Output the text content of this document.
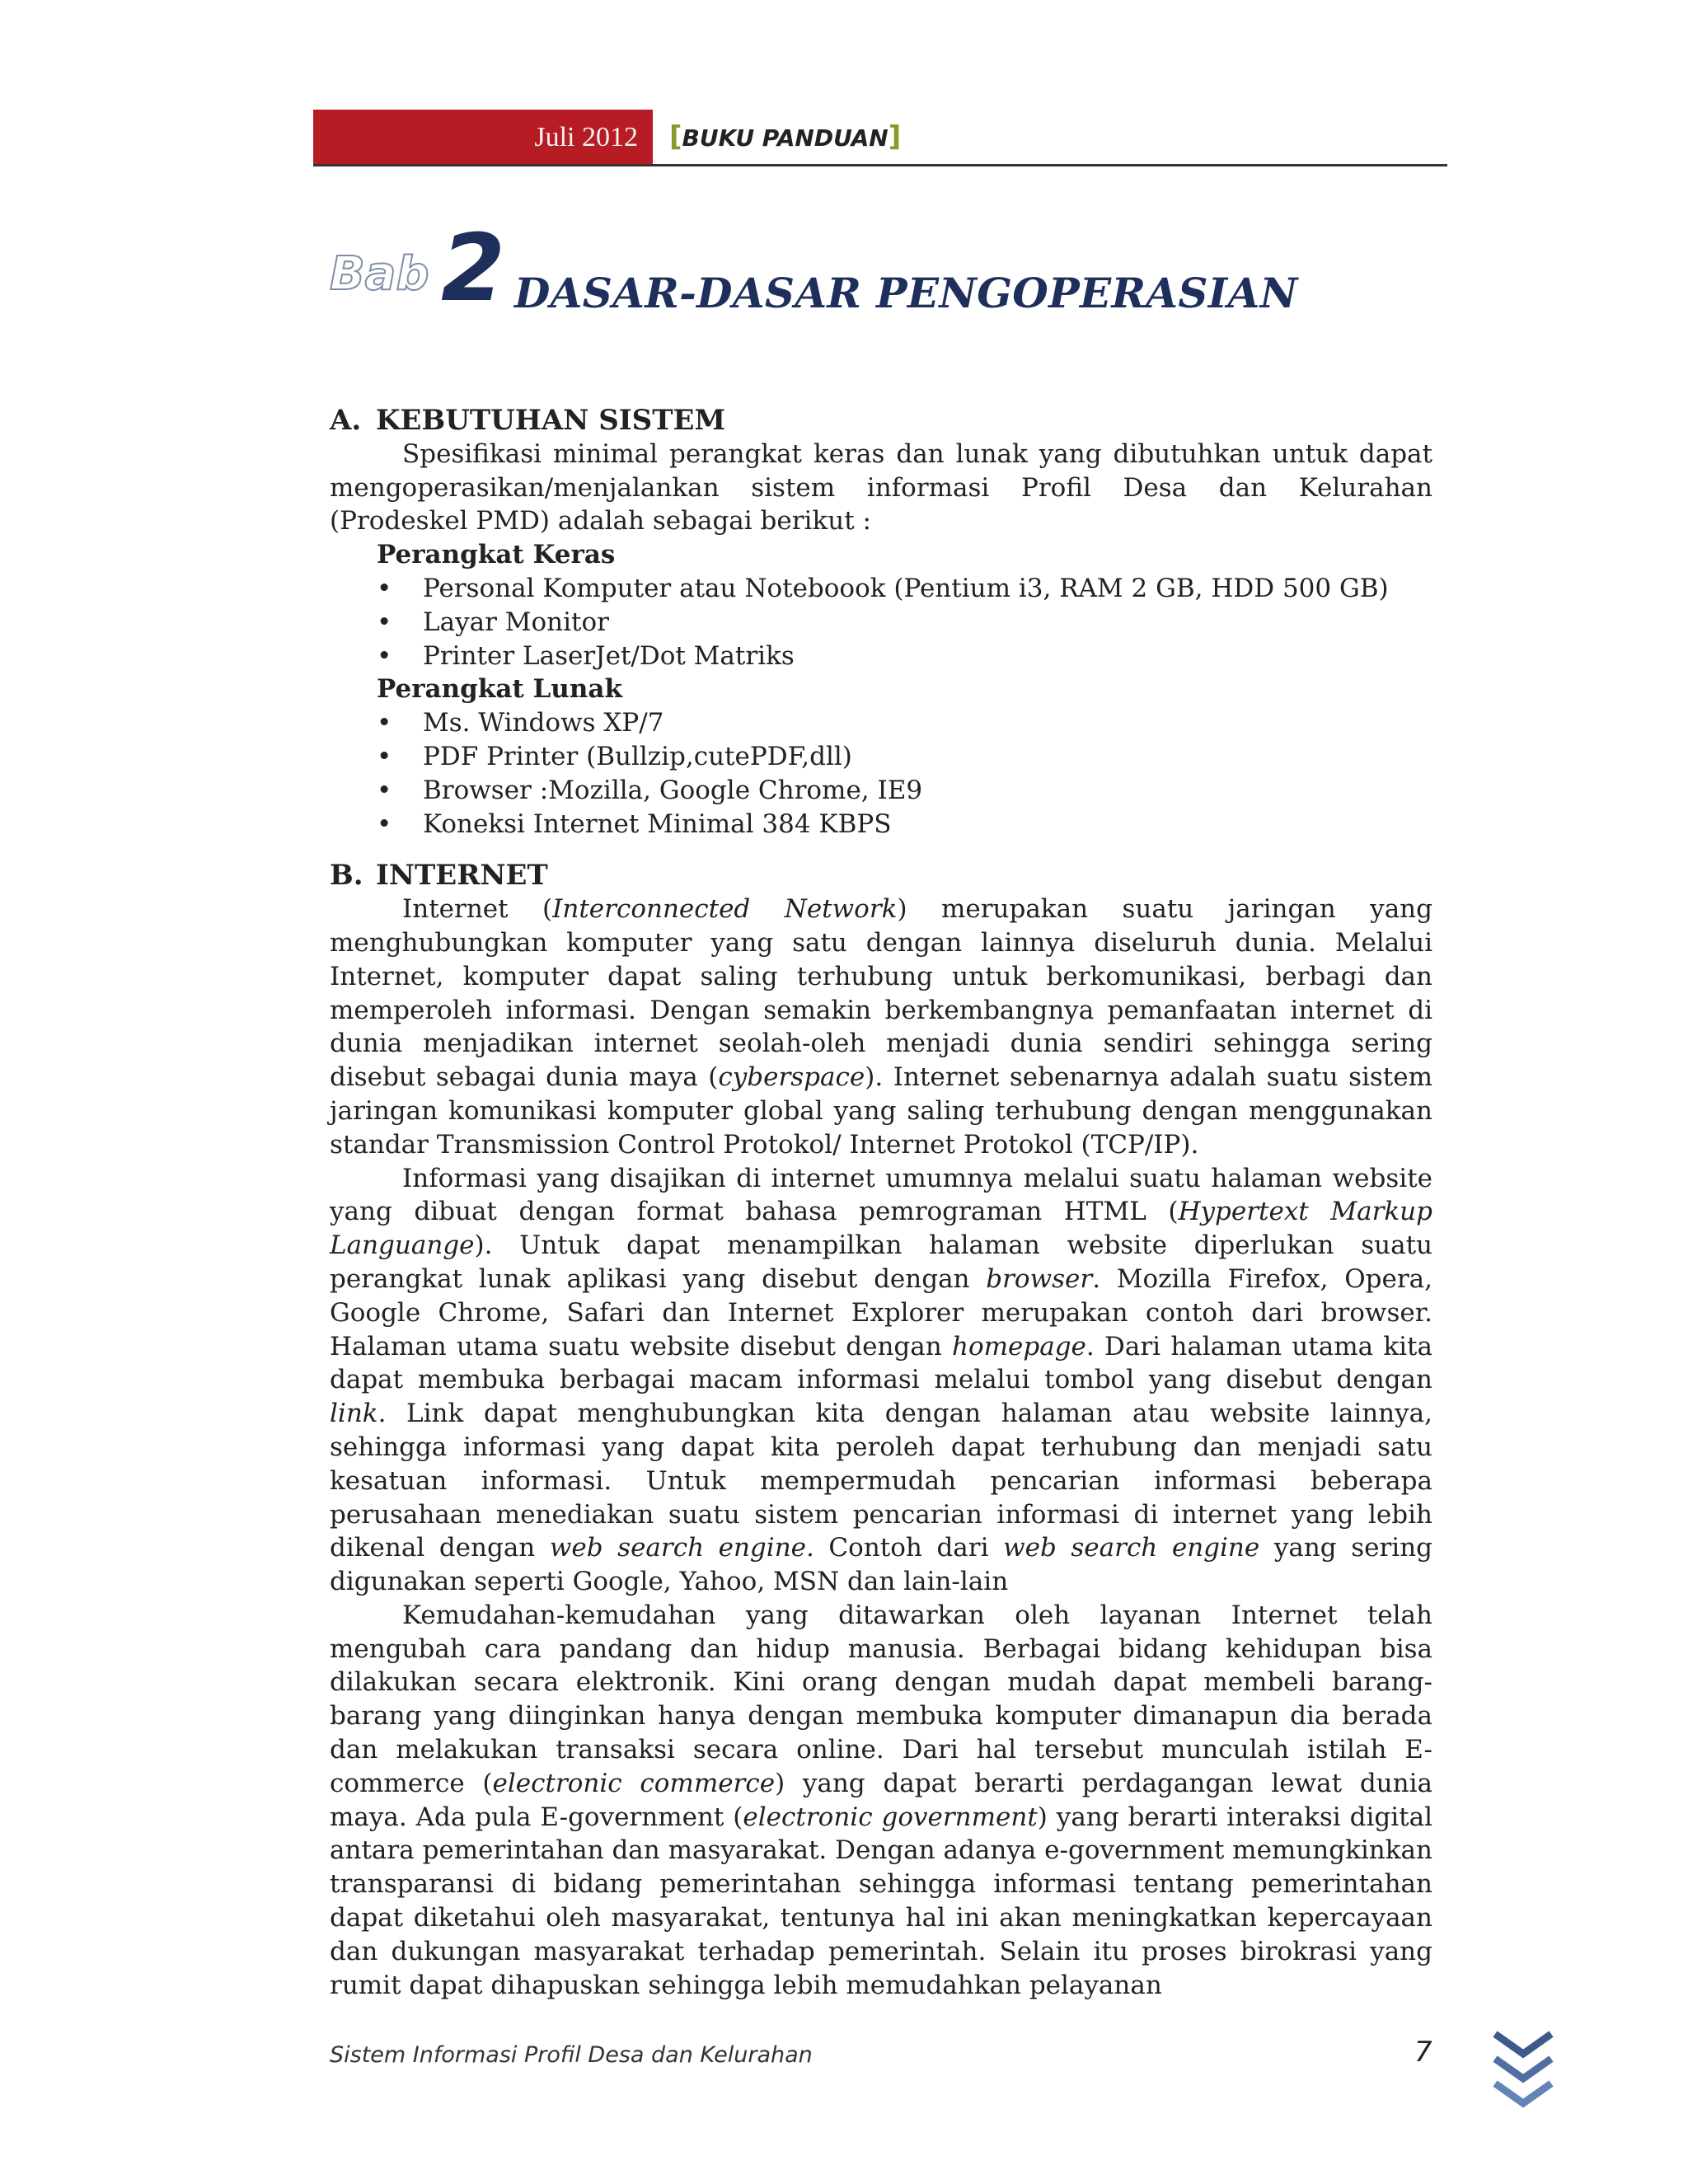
Juli 2012	[BUKU PANDUAN]
Bab 2 DASAR-DASAR PENGOPERASIAN
A. KEBUTUHAN SISTEM

Spesifikasi minimal perangkat keras dan lunak yang dibutuhkan untuk dapat mengoperasikan/menjalankan sistem informasi Profil Desa dan Kelurahan (Prodeskel PMD) adalah sebagai berikut :

Perangkat Keras
• Personal Komputer atau Noteboook (Pentium i3, RAM 2 GB, HDD 500 GB)
• Layar Monitor
• Printer LaserJet/Dot Matriks
Perangkat Lunak
• Ms. Windows XP/7
• PDF Printer (Bullzip,cutePDF,dll)
• Browser :Mozilla, Google Chrome, IE9
• Koneksi Internet Minimal 384 KBPS
B. INTERNET

Internet (Interconnected Network) merupakan suatu jaringan yang menghubungkan komputer yang satu dengan lainnya diseluruh dunia. Melalui Internet, komputer dapat saling terhubung untuk berkomunikasi, berbagi dan memperoleh informasi. Dengan semakin berkembangnya pemanfaatan internet di dunia menjadikan internet seolah-oleh menjadi dunia sendiri sehingga sering disebut sebagai dunia maya (cyberspace). Internet sebenarnya adalah suatu sistem jaringan komunikasi komputer global yang saling terhubung dengan menggunakan standar Transmission Control Protokol/ Internet Protokol (TCP/IP).

Informasi yang disajikan di internet umumnya melalui suatu halaman website yang dibuat dengan format bahasa pemrograman HTML (Hypertext Markup Languange). Untuk dapat menampilkan halaman website diperlukan suatu perangkat lunak aplikasi yang disebut dengan browser. Mozilla Firefox, Opera, Google Chrome, Safari dan Internet Explorer merupakan contoh dari browser. Halaman utama suatu website disebut dengan homepage. Dari halaman utama kita dapat membuka berbagai macam informasi melalui tombol yang disebut dengan link. Link dapat menghubungkan kita dengan halaman atau website lainnya, sehingga informasi yang dapat kita peroleh dapat terhubung dan menjadi satu kesatuan informasi. Untuk mempermudah pencarian informasi beberapa perusahaan menediakan suatu sistem pencarian informasi di internet yang lebih dikenal dengan web search engine. Contoh dari web search engine yang sering digunakan seperti Google, Yahoo, MSN dan lain-lain

Kemudahan-kemudahan yang ditawarkan oleh layanan Internet telah mengubah cara pandang dan hidup manusia. Berbagai bidang kehidupan bisa dilakukan secara elektronik. Kini orang dengan mudah dapat membeli barang-barang yang diinginkan hanya dengan membuka komputer dimanapun dia berada dan melakukan transaksi secara online. Dari hal tersebut munculah istilah E-commerce (electronic commerce) yang dapat berarti perdagangan lewat dunia maya. Ada pula E-government (electronic government) yang berarti interaksi digital antara pemerintahan dan masyarakat. Dengan adanya e-government memungkinkan transparansi di bidang pemerintahan sehingga informasi tentang pemerintahan dapat diketahui oleh masyarakat, tentunya hal ini akan meningkatkan kepercayaan dan dukungan masyarakat terhadap pemerintah. Selain itu proses birokrasi yang rumit dapat dihapuskan sehingga lebih memudahkan pelayanan

Sistem Informasi Profil Desa dan Kelurahan	7
